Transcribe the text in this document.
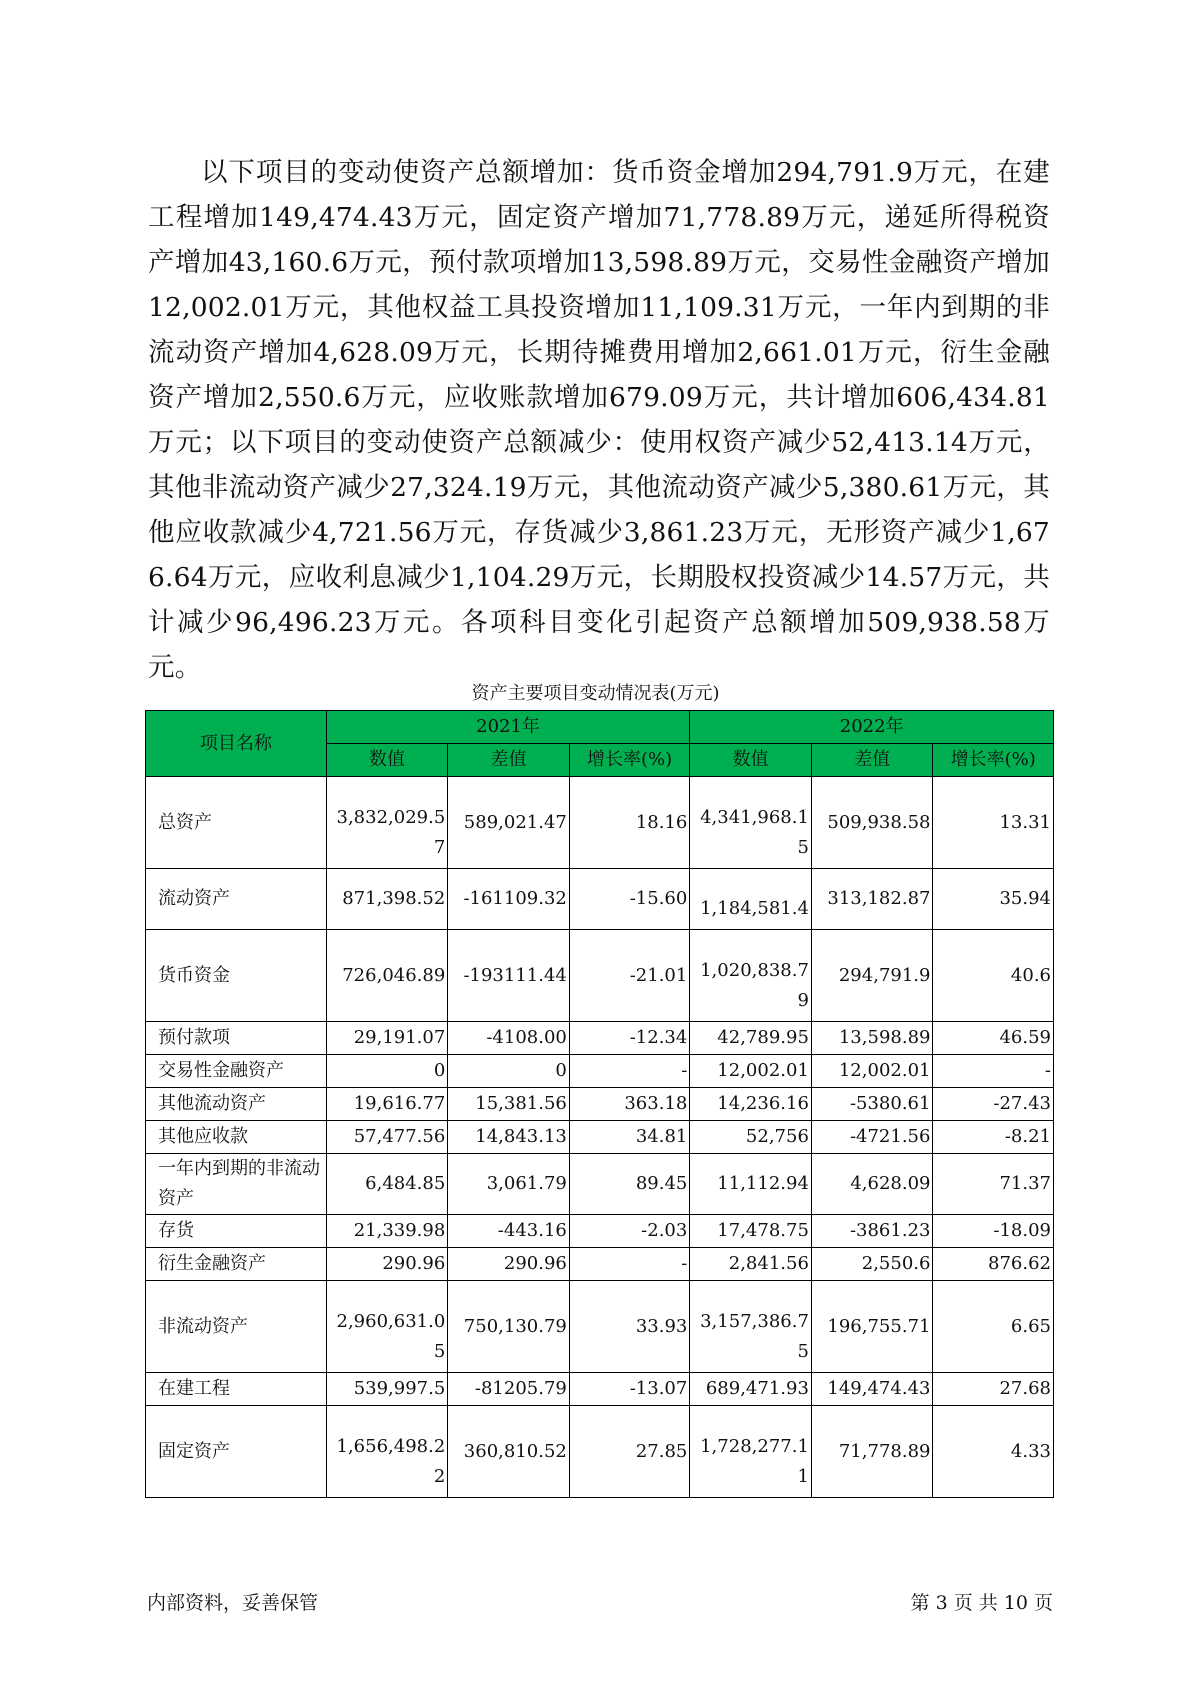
以下项目的变动使资产总额增加：货币资金增加294,791.9万元，在建工程增加149,474.43万元，固定资产增加71,778.89万元，递延所得税资产增加43,160.6万元，预付款项增加13,598.89万元，交易性金融资产增加12,002.01万元，其他权益工具投资增加11,109.31万元，一年内到期的非流动资产增加4,628.09万元，长期待摊费用增加2,661.01万元，衍生金融资产增加2,550.6万元，应收账款增加679.09万元，共计增加606,434.81万元；以下项目的变动使资产总额减少：使用权资产减少52,413.14万元，其他非流动资产减少27,324.19万元，其他流动资产减少5,380.61万元，其他应收款减少4,721.56万元，存货减少3,861.23万元，无形资产减少1,676.64万元，应收利息减少1,104.29万元，长期股权投资减少14.57万元，共计减少96,496.23万元。各项科目变化引起资产总额增加509,938.58万元。

资产主要项目变动情况表(万元)
项目名称	2021年			2022年		
	数值	差值	增长率(%)	数值	差值	增长率(%)
总资产	3,832,029.57	589,021.47	18.16	4,341,968.15	509,938.58	13.31
流动资产	871,398.52	-161109.32	-15.60	1,184,581.4	313,182.87	35.94
货币资金	726,046.89	-193111.44	-21.01	1,020,838.79	294,791.9	40.6
预付款项	29,191.07	-4108.00	-12.34	42,789.95	13,598.89	46.59
交易性金融资产	0	0	-	12,002.01	12,002.01	-
其他流动资产	19,616.77	15,381.56	363.18	14,236.16	-5380.61	-27.43
其他应收款	57,477.56	14,843.13	34.81	52,756	-4721.56	-8.21
一年内到期的非流动资产	6,484.85	3,061.79	89.45	11,112.94	4,628.09	71.37
存货	21,339.98	-443.16	-2.03	17,478.75	-3861.23	-18.09
衍生金融资产	290.96	290.96	-	2,841.56	2,550.6	876.62
非流动资产	2,960,631.05	750,130.79	33.93	3,157,386.75	196,755.71	6.65
在建工程	539,997.5	-81205.79	-13.07	689,471.93	149,474.43	27.68
固定资产	1,656,498.22	360,810.52	27.85	1,728,277.11	71,778.89	4.33
内部资料，妥善保管	第 3 页 共 10 页
